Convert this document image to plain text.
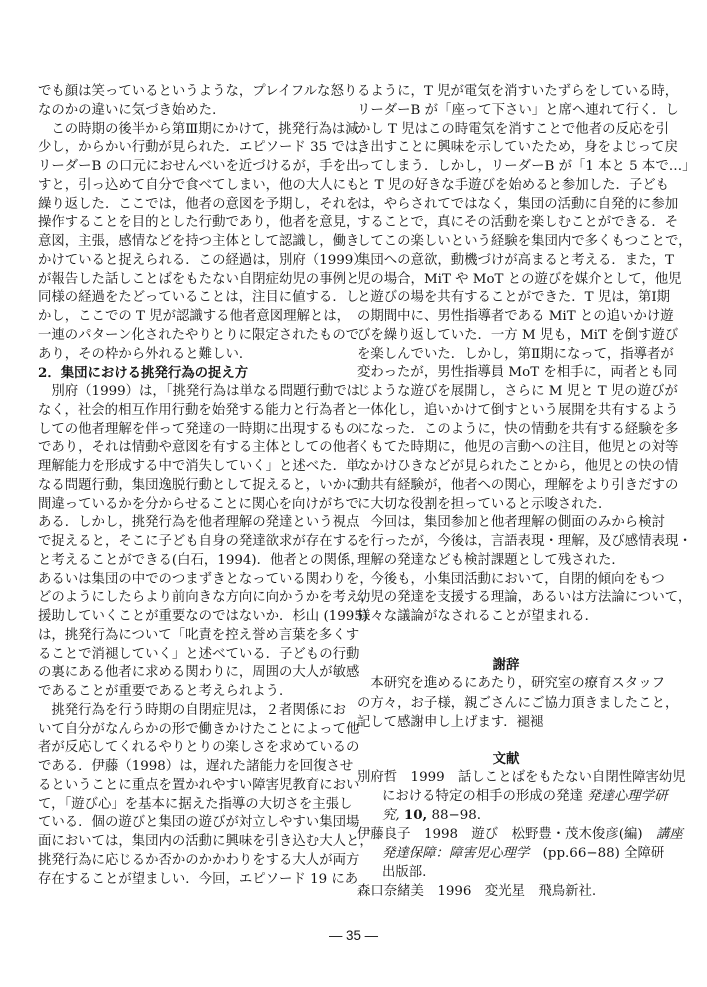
でも顔は笑っているというような，プレイフルな怒り
なのかの違いに気づき始めた．
この時期の後半から第Ⅲ期にかけて，挑発行為は減
少し，からかい行動が見られた．エピソード 35 では，
リーダーB の口元におせんべいを近づけるが，手を出
すと，引っ込めて自分で食べてしまい，他の大人にも
繰り返した．ここでは，他者の意図を予期し，それを
操作することを目的とした行動であり，他者を意見，
意図，主張，感情などを持つ主体として認識し，働き
かけていると捉えられる．この経過は，別府（1999）
が報告した話しことばをもたない自閉症幼児の事例と
同様の経過をたどっていることは，注目に値する．し
かし，ここでの T 児が認識する他者意図理解とは，
一連のパターン化されたやりとりに限定されたもので
あり，その枠から外れると難しい．
2．集団における挑発行為の捉え方
別府（1999）は，「挑発行為は単なる問題行動では
なく，社会的相互作用行動を始発する能力と行為者と
しての他者理解を伴って発達の一時期に出現するもの
であり，それは情動や意図を有する主体としての他者
理解能力を形成する中で消失していく」と述べた．単
なる問題行動，集団逸脱行動として捉えると，いかに
間違っているかを分からせることに関心を向けがちで
ある．しかし，挑発行為を他者理解の発達という視点
で捉えると，そこに子ども自身の発達欲求が存在する
と考えることができる(白石，1994)．他者との関係，
あるいは集団の中でのつまずきとなっている関わりを，
どのようにしたらより前向きな方向に向かうかを考え，
援助していくことが重要なのではないか．杉山 (1995)
は，挑発行為について「叱責を控え誉め言葉を多くす
ることで消褪していく」と述べている．子どもの行動
の裏にある他者に求める関わりに，周囲の大人が敏感
であることが重要であると考えられよう．
挑発行為を行う時期の自閉症児は，２者関係にお
いて自分がなんらかの形で働きかけたことによって他
者が反応してくれるやりとりの楽しさを求めているの
である．伊藤（1998）は，遅れた諸能力を回復させ
るということに重点を置かれやすい障害児教育におい
て，「遊び心」を基本に据えた指導の大切さを主張し
ている．個の遊びと集団の遊びが対立しやすい集団場
面においては，集団内の活動に興味を引き込む大人と，
挑発行為に応じるか否かのかかわりをする大人が両方
存在することが望ましい．今回，エピソード 19 にあ
るように，T 児が電気を消すいたずらをしている時，
リーダーB が「座って下さい」と席へ連れて行く．し
かし T 児はこの時電気を消すことで他者の反応を引
き出すことに興味を示していたため，身をよじって戻
ってしまう．しかし，リーダーB が「1 本と 5 本で…」
と T 児の好きな手遊びを始めると参加した．子ども
は，やらされてではなく，集団の活動に自発的に参加
することで，真にその活動を楽しむことができる．そ
してこの楽しいという経験を集団内で多くもつことで，
集団への意欲，動機づけが高まると考える．また，T
児の場合，MiT や MoT との遊びを媒介として，他児
と遊びの場を共有することができた．T 児は，第Ⅰ期
の期間中に、男性指導者である MiT との追いかけ遊
びを繰り返していた．一方 M 児も，MiT を倒す遊び
を楽しんでいた．しかし，第Ⅱ期になって，指導者が
変わったが，男性指導員 MoT を相手に，両者とも同
じような遊びを展開し，さらに M 児と T 児の遊びが
一体化し，追いかけて倒すという展開を共有するよう
になった．このように，快の情動を共有する経験を多
くもてた時期に，他児の言動への注目，他児との対等
なかけひきなどが見られたことから，他児との快の情
動共有経験が，他者への関心，理解をより引きだすの
に大切な役割を担っていると示唆された．
今回は，集団参加と他者理解の側面のみから検討
を行ったが，今後は，言語表現・理解，及び感情表現・
理解の発達なども検討課題として残された．
今後も，小集団活動において，自閉的傾向をもつ
幼児の発達を支援する理論，あるいは方法論について，
様々な議論がなされることが望まれる．
謝辞
本研究を進めるにあたり，研究室の療育スタッフ
の方々，お子様，親ごさんにご協力頂きましたこと，
記して感謝申し上げます．褪褪
文献
別府哲　1999　話しことばをもたない自閉性障害幼児
における特定の相手の形成の発達 発達心理学研
究, 10, 88−98.
伊藤良子　1998　遊び　松野豊・茂木俊彦(編)　講座
発達保障：障害児心理学　(pp.66−88) 全障研
出版部.
森口奈緒美　1996　変光星　飛鳥新社.
— 35 —
